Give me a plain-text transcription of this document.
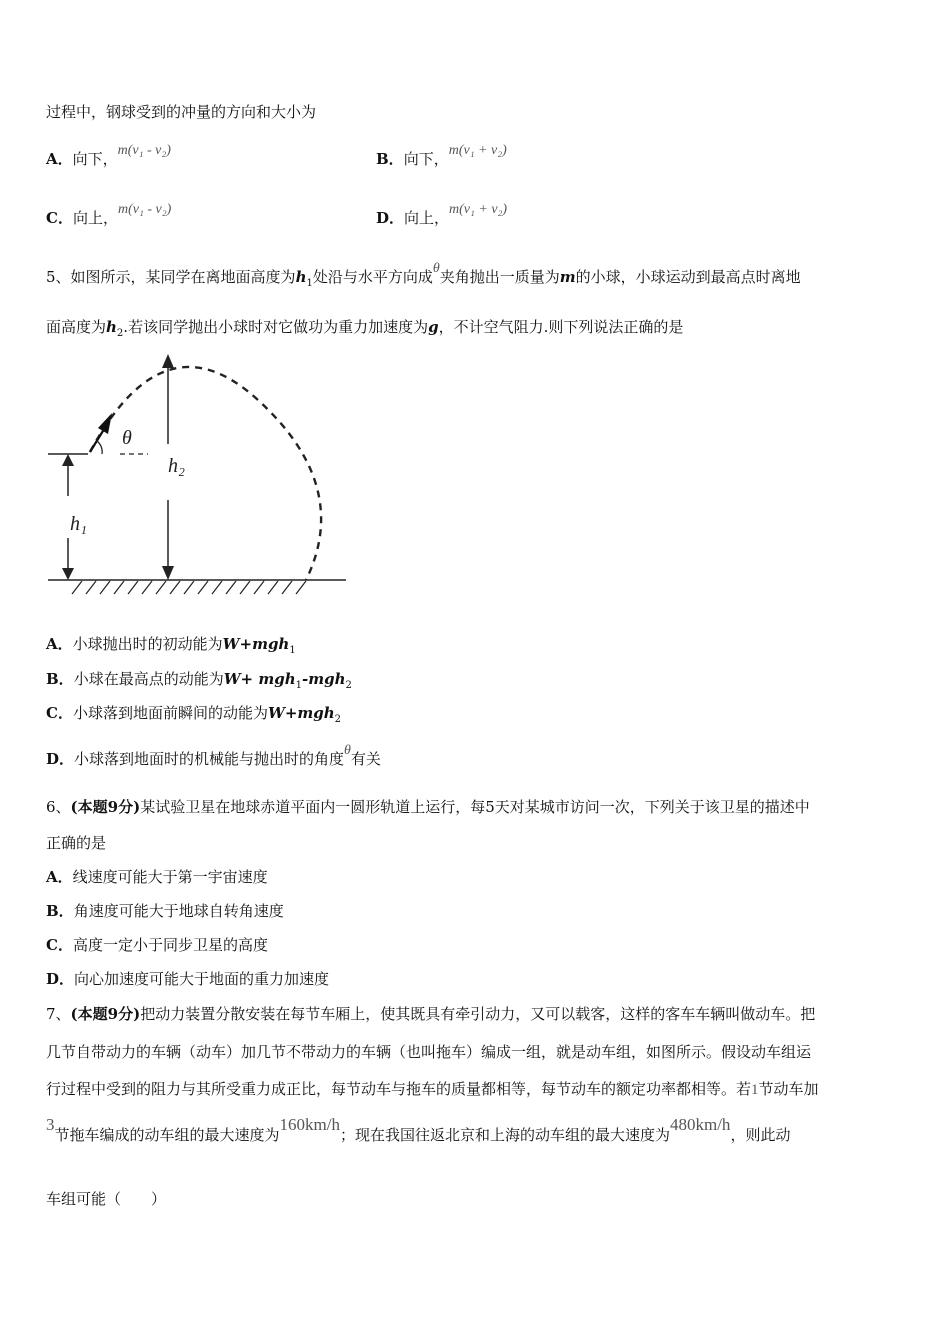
过程中，钢球受到的冲量的方向和大小为
A．向下，m(v₁ - v₂)	B．向下，m(v₁ + v₂)
C．向上，m(v₁ - v₂)	D．向上，m(v₁ + v₂)
5、如图所示，某同学在离地面高度为$h_1$处沿与水平方向成θ夹角抛出一质量为m的小球，小球运动到最高点时离地
面高度为$h_2$.若该同学抛出小球时对它做功为重力加速度为g，不计空气阻力.则下列说法正确的是
θ
h₁
h₂
A．小球抛出时的初动能为W+mgh$_1$
B．小球在最高点的动能为W+ mgh$_1$-mgh$_2$
C．小球落到地面前瞬间的动能为W+mgh$_2$
D．小球落到地面时的机械能与抛出时的角度θ有关
6、(本题9分)某试验卫星在地球赤道平面内一圆形轨道上运行，每5天对某城市访问一次，下列关于该卫星的描述中
正确的是
A．线速度可能大于第一宇宙速度
B．角速度可能大于地球自转角速度
C．高度一定小于同步卫星的高度
D．向心加速度可能大于地面的重力加速度
7、(本题9分)把动力装置分散安装在每节车厢上，使其既具有牵引动力，又可以载客，这样的客车车辆叫做动车。把
几节自带动力的车辆（动车）加几节不带动力的车辆（也叫拖车）编成一组，就是动车组，如图所示。假设动车组运
行过程中受到的阻力与其所受重力成正比，每节动车与拖车的质量都相等，每节动车的额定功率都相等。若1节动车加
3节拖车编成的动车组的最大速度为160km/h；现在我国往返北京和上海的动车组的最大速度为480km/h，则此动
车组可能（　　）
